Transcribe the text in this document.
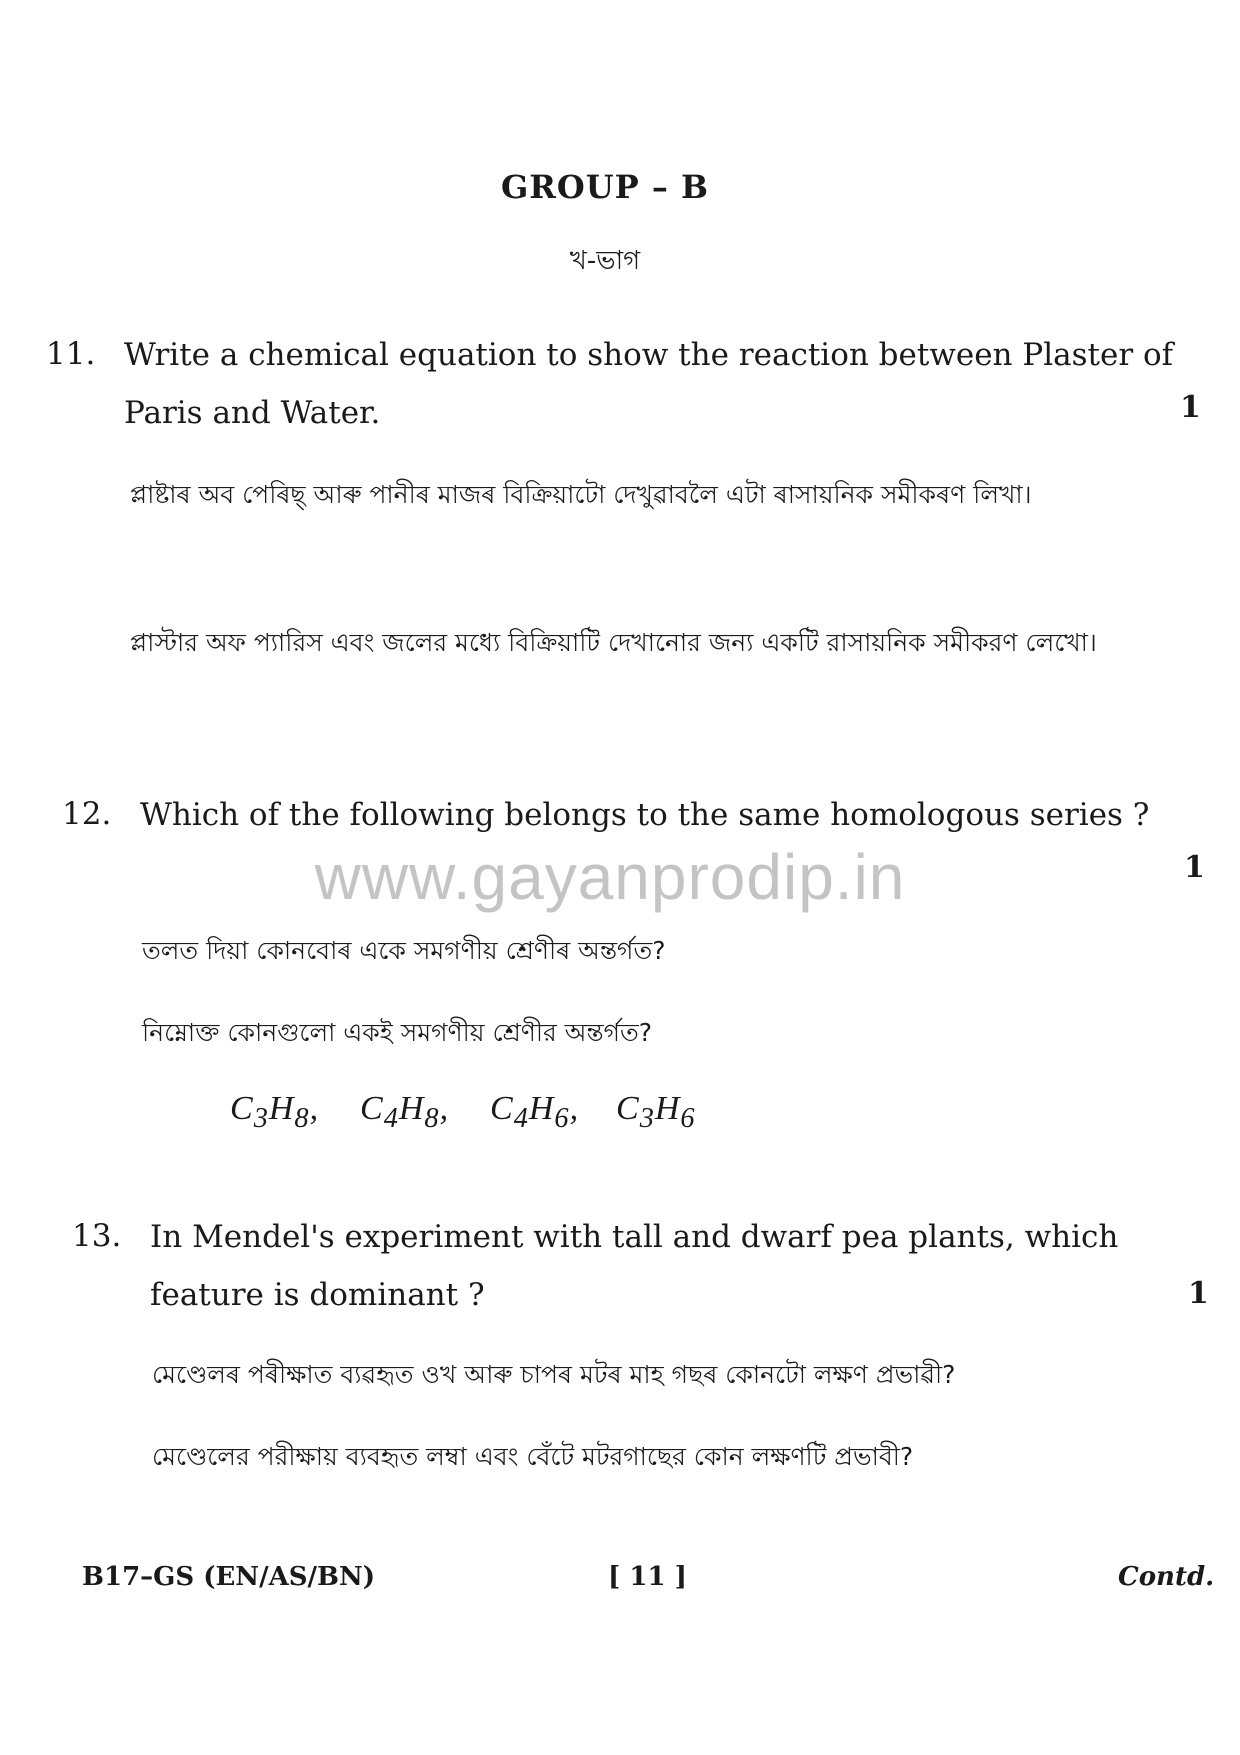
GROUP – B
খ-ভাগ
11. Write a chemical equation to show the reaction between Plaster of Paris and Water.	1
প্লাষ্টাৰ অব পেৰিছ্ আৰু পানীৰ মাজৰ বিক্ৰিয়াটো দেখুৱাবলৈ এটা ৰাসায়নিক সমীকৰণ লিখা।
প্লাস্টার অফ প্যারিস এবং জলের মধ্যে বিক্রিয়াটি দেখানোর জন্য একটি রাসায়নিক সমীকরণ লেখো।
12. Which of the following belongs to the same homologous series ?
1
তলত দিয়া কোনবোৰ একে সমগণীয় শ্ৰেণীৰ অন্তৰ্গত?
নিম্নোক্ত কোনগুলো একই সমগণীয় শ্রেণীর অন্তর্গত?
$C_3H_8$, $C_4H_8$, $C_4H_6$, $C_3H_6$
13. In Mendel's experiment with tall and dwarf pea plants, which feature is dominant ?	1
মেণ্ডেলৰ পৰীক্ষাত ব্যৱহৃত ওখ আৰু চাপৰ মটৰ মাহ গছৰ কোনটো লক্ষণ প্ৰভাৱী?
মেণ্ডেলের পরীক্ষায় ব্যবহৃত লম্বা এবং বেঁটে মটরগাছের কোন লক্ষণটি প্রভাবী?
www.gayanprodip.in
B17–GS (EN/AS/BN)	[ 11 ]	Contd.
